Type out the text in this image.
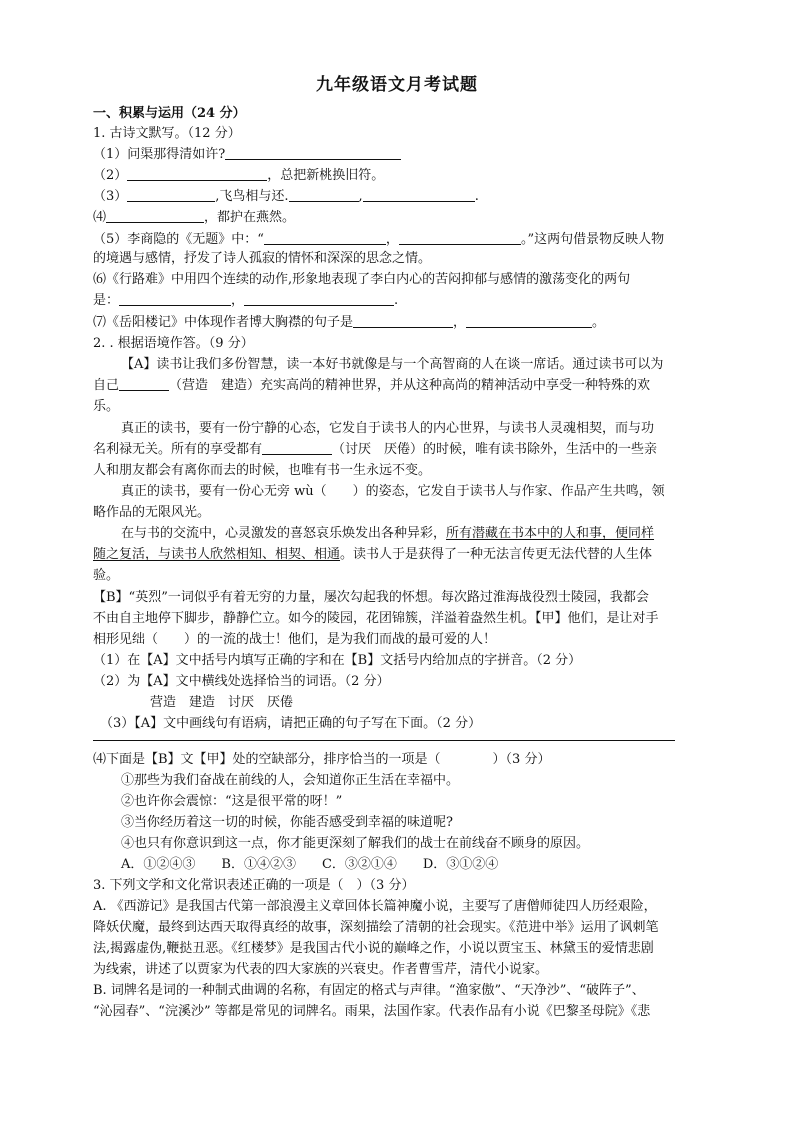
九年级语文月考试题
一、积累与运用（24 分）
1. 古诗文默写。（12 分）
（1）问渠那得清如许?
（2）	，总把新桃换旧符。
（3）	,飞鸟相与还.	,	.
⑷	，都护在燕然。
（5）李商隐的《无题》中：“	，	。”这两句借景物反映人物
的境遇与感情，抒发了诗人孤寂的情怀和深深的思念之情。
⑹《行路难》中用四个连续的动作,形象地表现了李白内心的苦闷抑郁与感情的激荡变化的两句
是：	，	.
⑺《岳阳楼记》中体现作者博大胸襟的句子是	，	。
2. . 根据语境作答。（9 分）
【A】读书让我们多份智慧，读一本好书就像是与一个高智商的人在谈一席话。通过读书可以为
自己	（营造　建造）充实高尚的精神世界，并从这种高尚的精神活动中享受一种特殊的欢
乐。
真正的读书，要有一份宁静的心态，它发自于读书人的内心世界，与读书人灵魂相契，而与功
名利禄无关。所有的享受都有	（讨厌　厌倦）的时候，唯有读书除外，生活中的一些亲
人和朋友都会有离你而去的时候，也唯有书一生永远不变。
真正的读书，要有一份心无旁 wù（　　）的姿态，它发自于读书人与作家、作品产生共鸣，领
略作品的无限风光。
在与书的交流中，心灵激发的喜怒哀乐焕发出各种异彩，所有潜藏在书本中的人和事，便同样
随之复活，与读书人欣然相知、相契、相通。读书人于是获得了一种无法言传更无法代替的人生体
验。
【B】“英烈”一词似乎有着无穷的力量，屡次勾起我的怀想。每次路过淮海战役烈士陵园，我都会
不由自主地停下脚步，静静伫立。如今的陵园，花团锦簇，洋溢着盎然生机。【甲】他们，是让对手
相形见绌（　　）的一流的战士！他们，是为我们而战的最可爱的人！
（1）在【A】文中括号内填写正确的字和在【B】文括号内给加点的字拼音。（2 分）
（2）为【A】文中横线处选择恰当的词语。（2 分）
营造　建造　讨厌　厌倦
（3）【A】文中画线句有语病，请把正确的句子写在下面。（2 分）
⑷下面是【B】文【甲】处的空缺部分，排序恰当的一项是（　　　　）（3 分）
①那些为我们奋战在前线的人，会知道你正生活在幸福中。
②也许你会震惊：“这是很平常的呀！”
③当你经历着这一切的时候，你能否感受到幸福的味道呢?
④也只有你意识到这一点，你才能更深刻了解我们的战士在前线奋不顾身的原因。
A．①②④③　　B．①④②③　　C．③②①④　　D．③①②④
3. 下列文学和文化常识表述正确的一项是（　）（3 分）
A. 《西游记》是我国古代第一部浪漫主义章回体长篇神魔小说，主要写了唐僧师徒四人历经艰险，
降妖伏魔，最终到达西天取得真经的故事，深刻描绘了清朝的社会现实。《范进中举》运用了讽刺笔
法,揭露虚伪,鞭挞丑恶。《红楼梦》是我国古代小说的巅峰之作，小说以贾宝玉、林黛玉的爱情悲剧
为线索，讲述了以贾家为代表的四大家族的兴衰史。作者曹雪芹，清代小说家。
B. 词牌名是词的一种制式曲调的名称，有固定的格式与声律。“渔家傲”、“天净沙”、“破阵子”、
“沁园春”、“浣溪沙” 等都是常见的词牌名。雨果，法国作家。代表作品有小说《巴黎圣母院》《悲
